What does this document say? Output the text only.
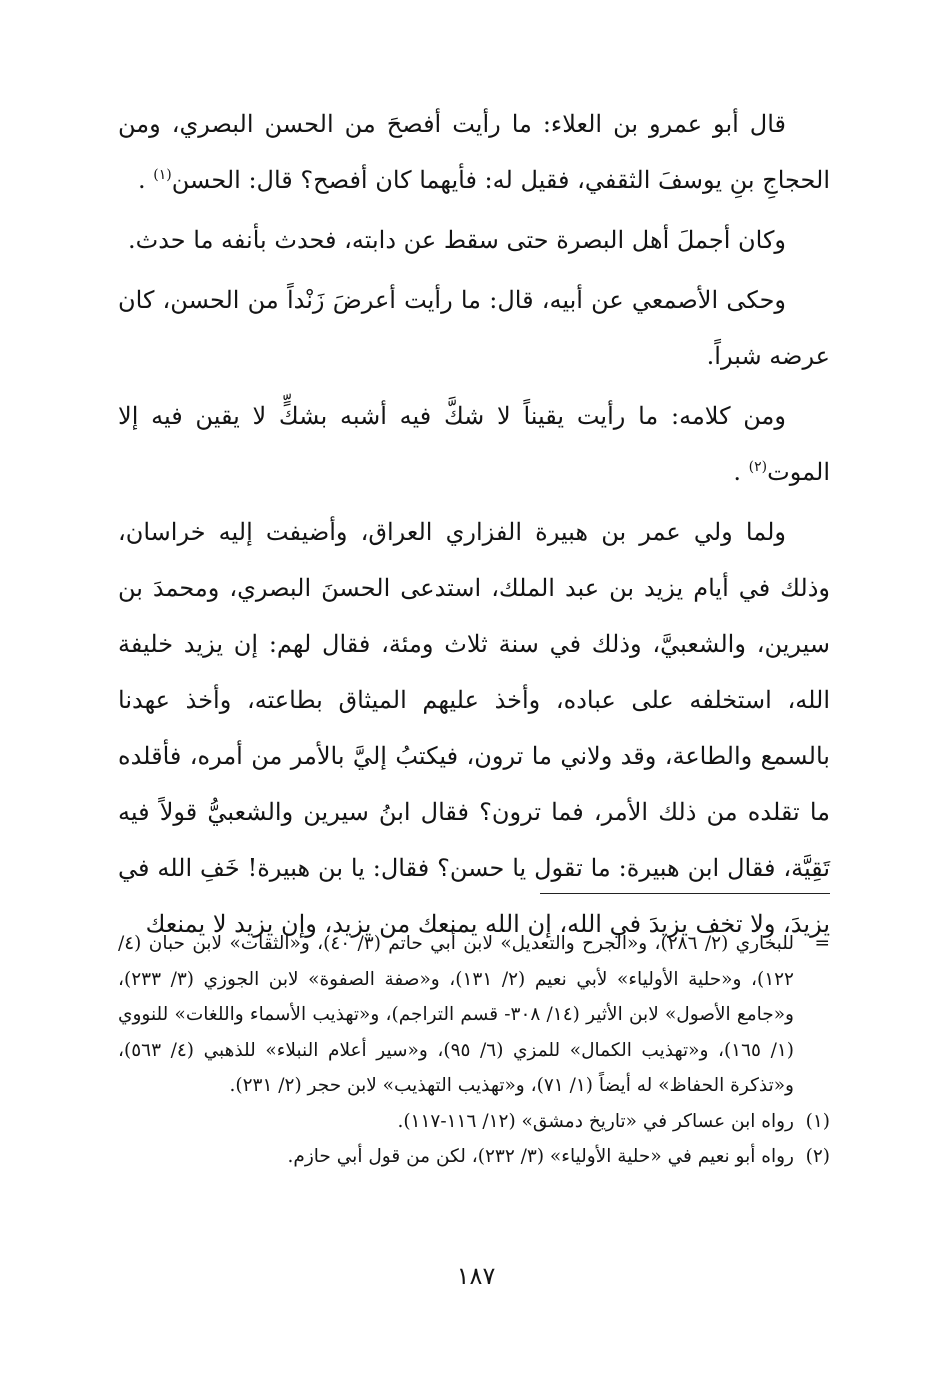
قال أبو عمرو بن العلاء: ما رأيت أفصحَ من الحسن البصري، ومن الحجاجِ بنِ يوسفَ الثقفي، فقيل له: فأيهما كان أفصح؟ قال: الحسن$^{(١)}$ .

وكان أجملَ أهل البصرة حتى سقط عن دابته، فحدث بأنفه ما حدث.

وحكى الأصمعي عن أبيه، قال: ما رأيت أعرضَ زَنْداً من الحسن، كان عرضه شبراً.

ومن كلامه: ما رأيت يقيناً لا شكَّ فيه أشبه بشكٍّ لا يقين فيه إلا الموت$^{(٢)}$ .

ولما ولي عمر بن هبيرة الفزاري العراق، وأضيفت إليه خراسان، وذلك في أيام يزيد بن عبد الملك، استدعى الحسنَ البصري، ومحمدَ بن سيرين، والشعبيَّ، وذلك في سنة ثلاث ومئة، فقال لهم: إن يزيد خليفة الله، استخلفه على عباده، وأخذ عليهم الميثاق بطاعته، وأخذ عهدنا بالسمع والطاعة، وقد ولاني ما ترون، فيكتبُ إليَّ بالأمر من أمره، فأقلده ما تقلده من ذلك الأمر، فما ترون؟ فقال ابنُ سيرين والشعبيُّ قولاً فيه تَقِيَّة، فقال ابن هبيرة: ما تقول يا حسن؟ فقال: يا بن هبيرة! خَفِ الله في يزيدَ، ولا تخف يزيدَ في الله، إن الله يمنعك من يزيد، وإن يزيد لا يمنعك

=
للبخاري (٢/ ٢٨٦)، و«الجرح والتعديل» لابن أبي حاتم (٣/ ٤٠)، و«الثقات» لابن حبان (٤/ ١٢٢)، و«حلية الأولياء» لأبي نعيم (٢/ ١٣١)، و«صفة الصفوة» لابن الجوزي (٣/ ٢٣٣)، و«جامع الأصول» لابن الأثير (١٤/ ٣٠٨- قسم التراجم)، و«تهذيب الأسماء واللغات» للنووي (١/ ١٦٥)، و«تهذيب الكمال» للمزي (٦/ ٩٥)، و«سير أعلام النبلاء» للذهبي (٤/ ٥٦٣)، و«تذكرة الحفاظ» له أيضاً (١/ ٧١)، و«تهذيب التهذيب» لابن حجر (٢/ ٢٣١).
(١)
رواه ابن عساكر في «تاريخ دمشق» (١٢/ ١١٦-١١٧).
(٢)
رواه أبو نعيم في «حلية الأولياء» (٣/ ٢٣٢)، لكن من قول أبي حازم.
١٨٧
